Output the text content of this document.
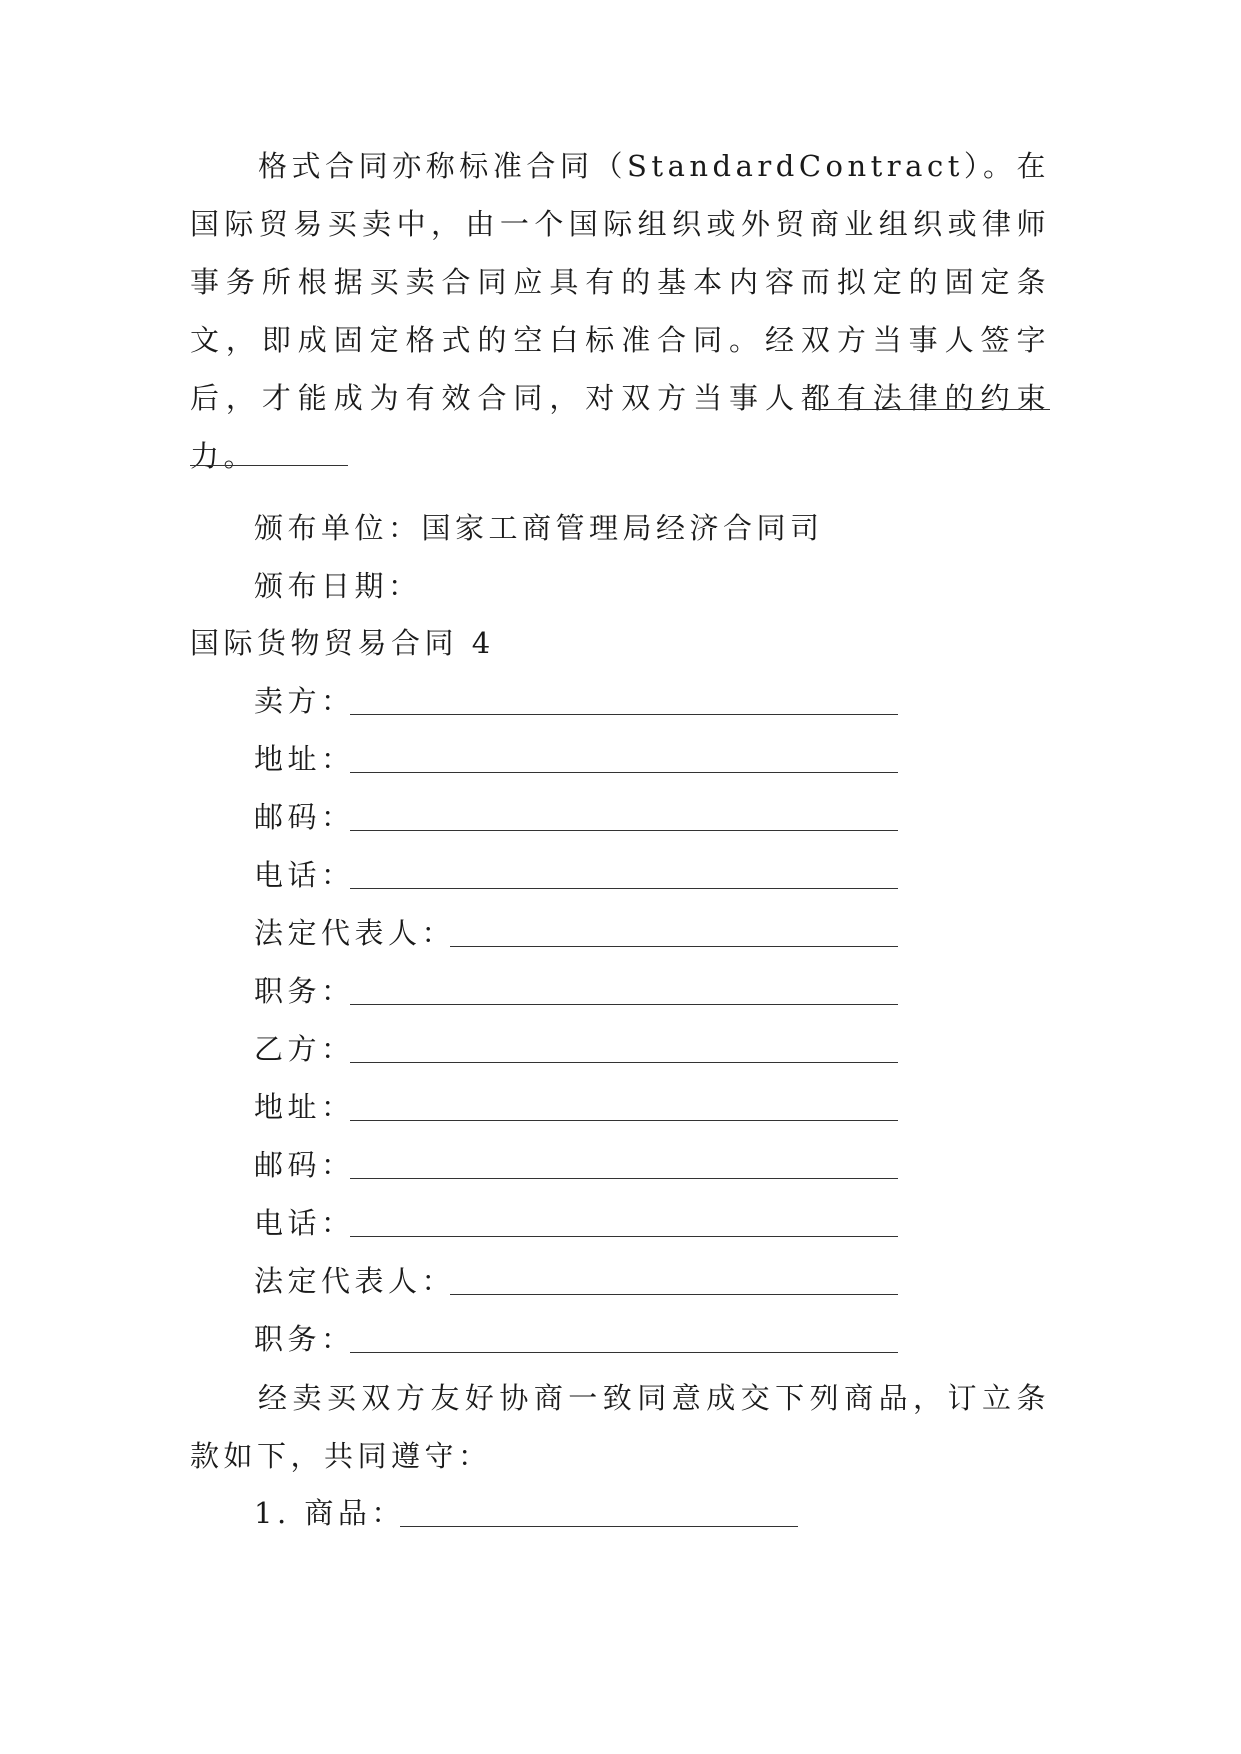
格式合同亦称标准合同（StandardContract）。在国际贸易买卖中，由一个国际组织或外贸商业组织或律师事务所根据买卖合同应具有的基本内容而拟定的固定条文，即成固定格式的空白标准合同。经双方当事人签字后，才能成为有效合同，对双方当事人都有法律的约束力。

颁布单位：国家工商管理局经济合同司
颁布日期：
国际货物贸易合同 4
卖方：
地址：
邮码：
电话：
法定代表人：
职务：
乙方：
地址：
邮码：
电话：
法定代表人：
职务：

经卖买双方友好协商一致同意成交下列商品，订立条款如下，共同遵守：

1. 商品：
